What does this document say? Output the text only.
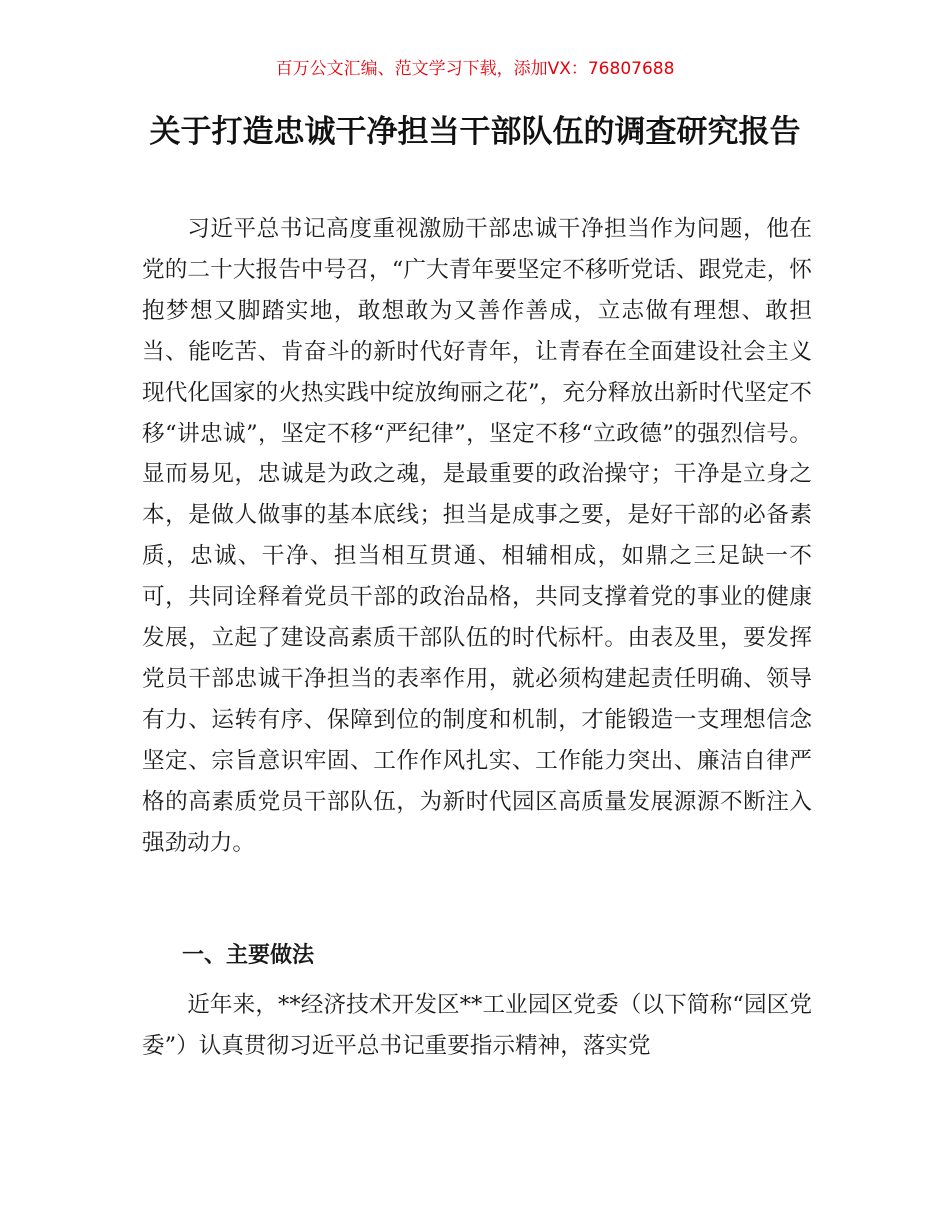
百万公文汇编、范文学习下载，添加VX：76807688
关于打造忠诚干净担当干部队伍的调查研究报告

习近平总书记高度重视激励干部忠诚干净担当作为问题，他在党的二十大报告中号召，“广大青年要坚定不移听党话、跟党走，怀抱梦想又脚踏实地，敢想敢为又善作善成，立志做有理想、敢担当、能吃苦、肯奋斗的新时代好青年，让青春在全面建设社会主义现代化国家的火热实践中绽放绚丽之花”，充分释放出新时代坚定不移“讲忠诚”，坚定不移“严纪律”，坚定不移“立政德”的强烈信号。显而易见，忠诚是为政之魂，是最重要的政治操守；干净是立身之本，是做人做事的基本底线；担当是成事之要，是好干部的必备素质，忠诚、干净、担当相互贯通、相辅相成，如鼎之三足缺一不可，共同诠释着党员干部的政治品格，共同支撑着党的事业的健康发展，立起了建设高素质干部队伍的时代标杆。由表及里，要发挥党员干部忠诚干净担当的表率作用，就必须构建起责任明确、领导有力、运转有序、保障到位的制度和机制，才能锻造一支理想信念坚定、宗旨意识牢固、工作作风扎实、工作能力突出、廉洁自律严格的高素质党员干部队伍，为新时代园区高质量发展源源不断注入强劲动力。

一、主要做法

近年来，**经济技术开发区**工业园区党委（以下简称“园区党委”）认真贯彻习近平总书记重要指示精神，落实党
